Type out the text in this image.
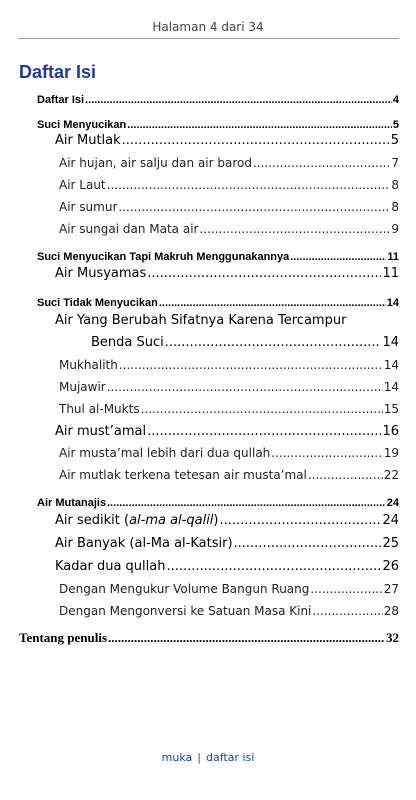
Halaman 4 dari 34
Daftar Isi
Daftar Isi .....	4
Suci Menyucikan .....	5
Air Mutlak .....	5
Air hujan, air salju dan air barod .....	7
Air Laut .....	8
Air sumur .....	8
Air sungai dan Mata air .....	9
Suci Menyucikan Tapi Makruh Menggunakannya .....	11
Air Musyamas .....	11
Suci Tidak Menyucikan .....	14
Air Yang Berubah Sifatnya Karena Tercampur
Benda Suci .....	14
Mukhalith .....	14
Mujawir .....	14
Thul al-Mukts .....	15
Air must’amal .....	16
Air musta’mal lebih dari dua qullah .....	19
Air mutlak terkena tetesan air musta’mal .....	22
Air Mutanajis .....	24
Air sedikit (al-ma al-qalil) .....	24
Air Banyak (al-Ma al-Katsir) .....	25
Kadar dua qullah .....	26
Dengan Mengukur Volume Bangun Ruang .....	27
Dengan Mengonversi ke Satuan Masa Kini .....	28
Tentang penulis .....	32
muka | daftar isi
